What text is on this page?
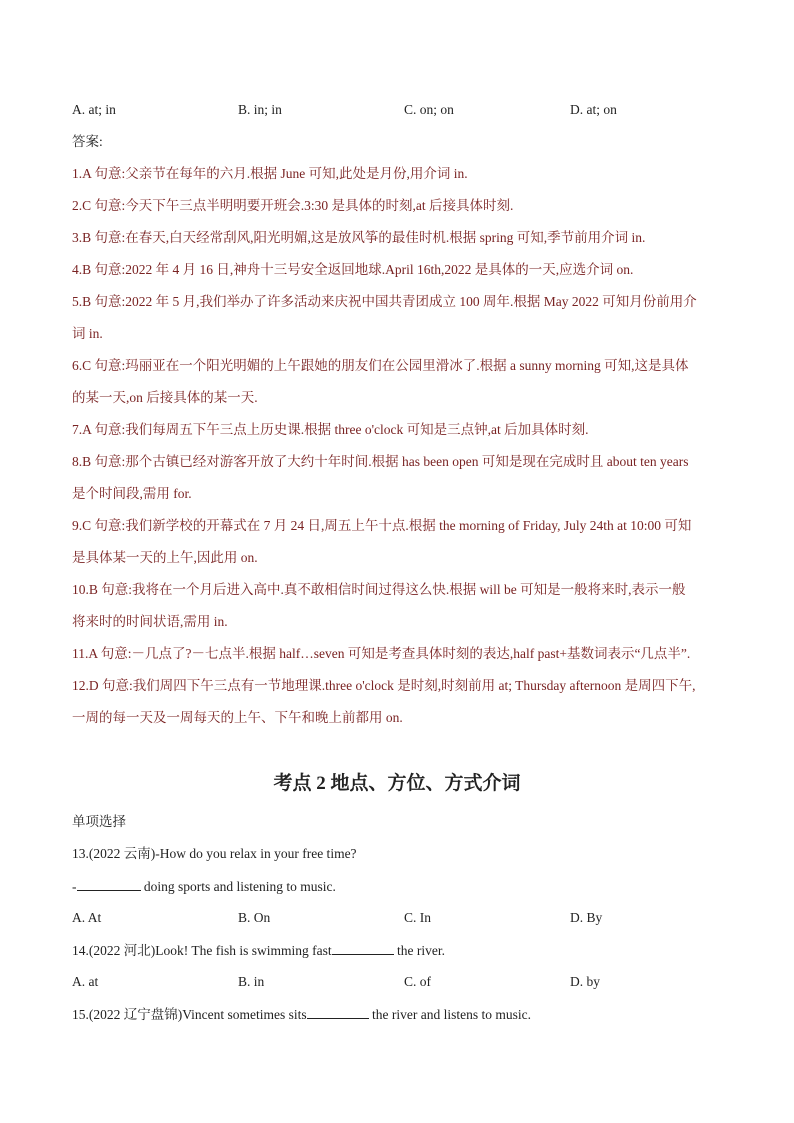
A. at; in	B. in; in	C. on; on	D. at; on
答案:
1.A 句意:父亲节在每年的六月.根据 June 可知,此处是月份,用介词 in.
2.C 句意:今天下午三点半明明要开班会.3:30 是具体的时刻,at 后接具体时刻.
3.B 句意:在春天,白天经常刮风,阳光明媚,这是放风筝的最佳时机.根据 spring 可知,季节前用介词 in.
4.B 句意:2022 年 4 月 16 日,神舟十三号安全返回地球.April 16th,2022 是具体的一天,应选介词 on.
5.B 句意:2022 年 5 月,我们举办了许多活动来庆祝中国共青团成立 100 周年.根据 May 2022 可知月份前用介
词 in.
6.C 句意:玛丽亚在一个阳光明媚的上午跟她的朋友们在公园里滑冰了.根据 a sunny morning 可知,这是具体
的某一天,on 后接具体的某一天.
7.A 句意:我们每周五下午三点上历史课.根据 three o'clock 可知是三点钟,at 后加具体时刻.
8.B 句意:那个古镇已经对游客开放了大约十年时间.根据 has been open 可知是现在完成时且 about ten years
是个时间段,需用 for.
9.C 句意:我们新学校的开幕式在 7 月 24 日,周五上午十点.根据 the morning of Friday, July 24th at 10:00 可知
是具体某一天的上午,因此用 on.
10.B 句意:我将在一个月后进入高中.真不敢相信时间过得这么快.根据 will be 可知是一般将来时,表示一般
将来时的时间状语,需用 in.
11.A 句意:－几点了?－七点半.根据 half…seven 可知是考查具体时刻的表达,half past+基数词表示“几点半”.
12.D 句意:我们周四下午三点有一节地理课.three o'clock 是时刻,时刻前用 at; Thursday afternoon 是周四下午,
一周的每一天及一周每天的上午、下午和晚上前都用 on.
考点 2 地点、方位、方式介词
单项选择
13.(2022 云南)-How do you relax in your free time?
-	doing sports and listening to music.
A. At	B. On	C. In	D. By
14.(2022 河北)Look! The fish is swimming fast	the river.
A. at	B. in	C. of	D. by
15.(2022 辽宁盘锦)Vincent sometimes sits	the river and listens to music.
